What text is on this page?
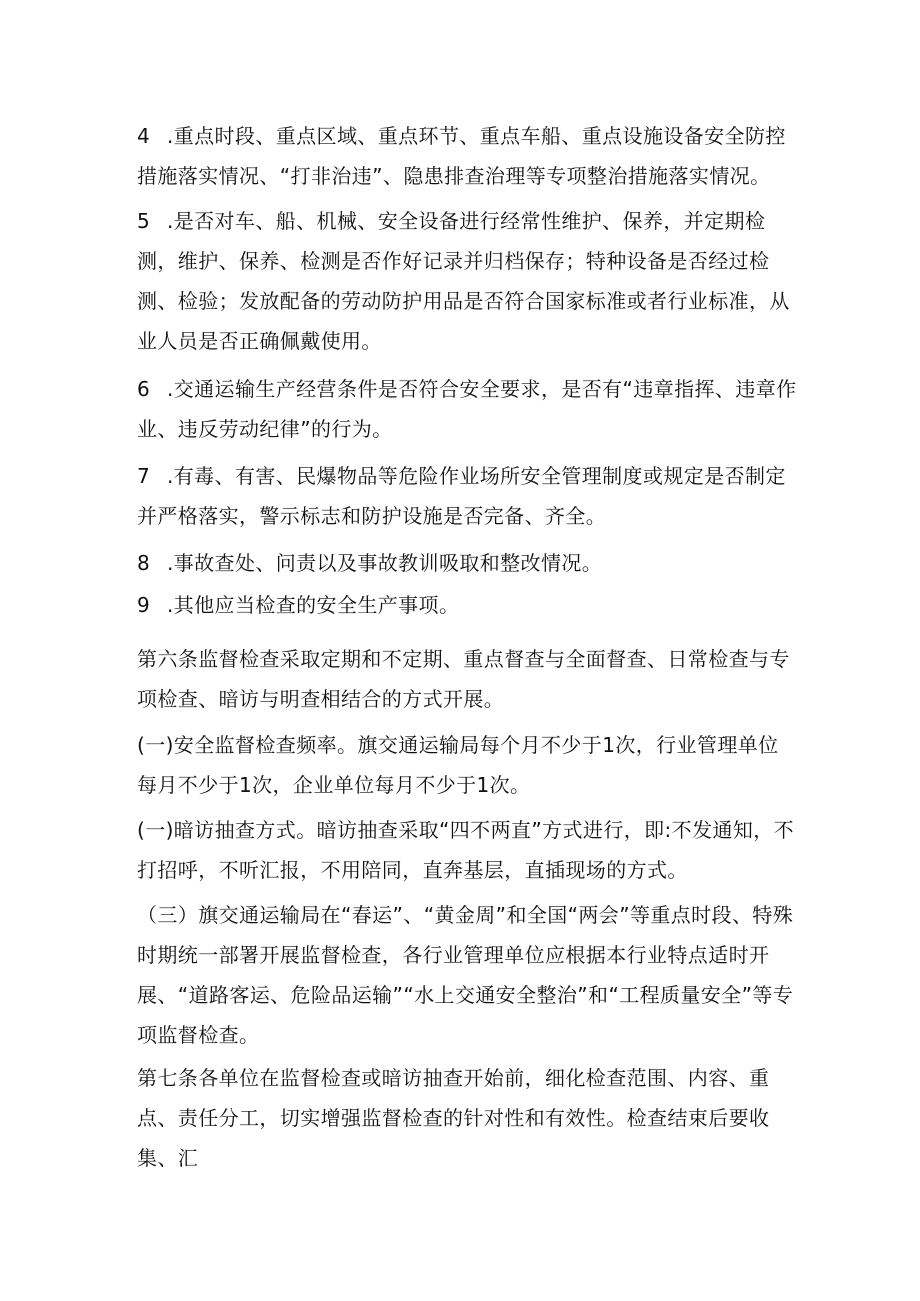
4 .重点时段、重点区域、重点环节、重点车船、重点设施设备安全防控措施落实情况、“打非治违”、隐患排查治理等专项整治措施落实情况。

5 .是否对车、船、机械、安全设备进行经常性维护、保养，并定期检测，维护、保养、检测是否作好记录并归档保存；特种设备是否经过检测、检验；发放配备的劳动防护用品是否符合国家标准或者行业标准，从业人员是否正确佩戴使用。

6 .交通运输生产经营条件是否符合安全要求，是否有“违章指挥、违章作业、违反劳动纪律”的行为。

7 .有毒、有害、民爆物品等危险作业场所安全管理制度或规定是否制定并严格落实，警示标志和防护设施是否完备、齐全。

8 .事故查处、问责以及事故教训吸取和整改情况。

9 .其他应当检查的安全生产事项。

第六条监督检查采取定期和不定期、重点督查与全面督查、日常检查与专项检查、暗访与明查相结合的方式开展。

(一)安全监督检查频率。旗交通运输局每个月不少于1次，行业管理单位每月不少于1次，企业单位每月不少于1次。

(一)暗访抽查方式。暗访抽查采取“四不两直”方式进行，即:不发通知，不打招呼，不听汇报，不用陪同，直奔基层，直插现场的方式。

（三）旗交通运输局在“春运”、“黄金周”和全国“两会”等重点时段、特殊时期统一部署开展监督检查，各行业管理单位应根据本行业特点适时开展、“道路客运、危险品运输”“水上交通安全整治”和“工程质量安全”等专项监督检查。

第七条各单位在监督检查或暗访抽查开始前，细化检查范围、内容、重点、责任分工，切实增强监督检查的针对性和有效性。检查结束后要收集、汇
